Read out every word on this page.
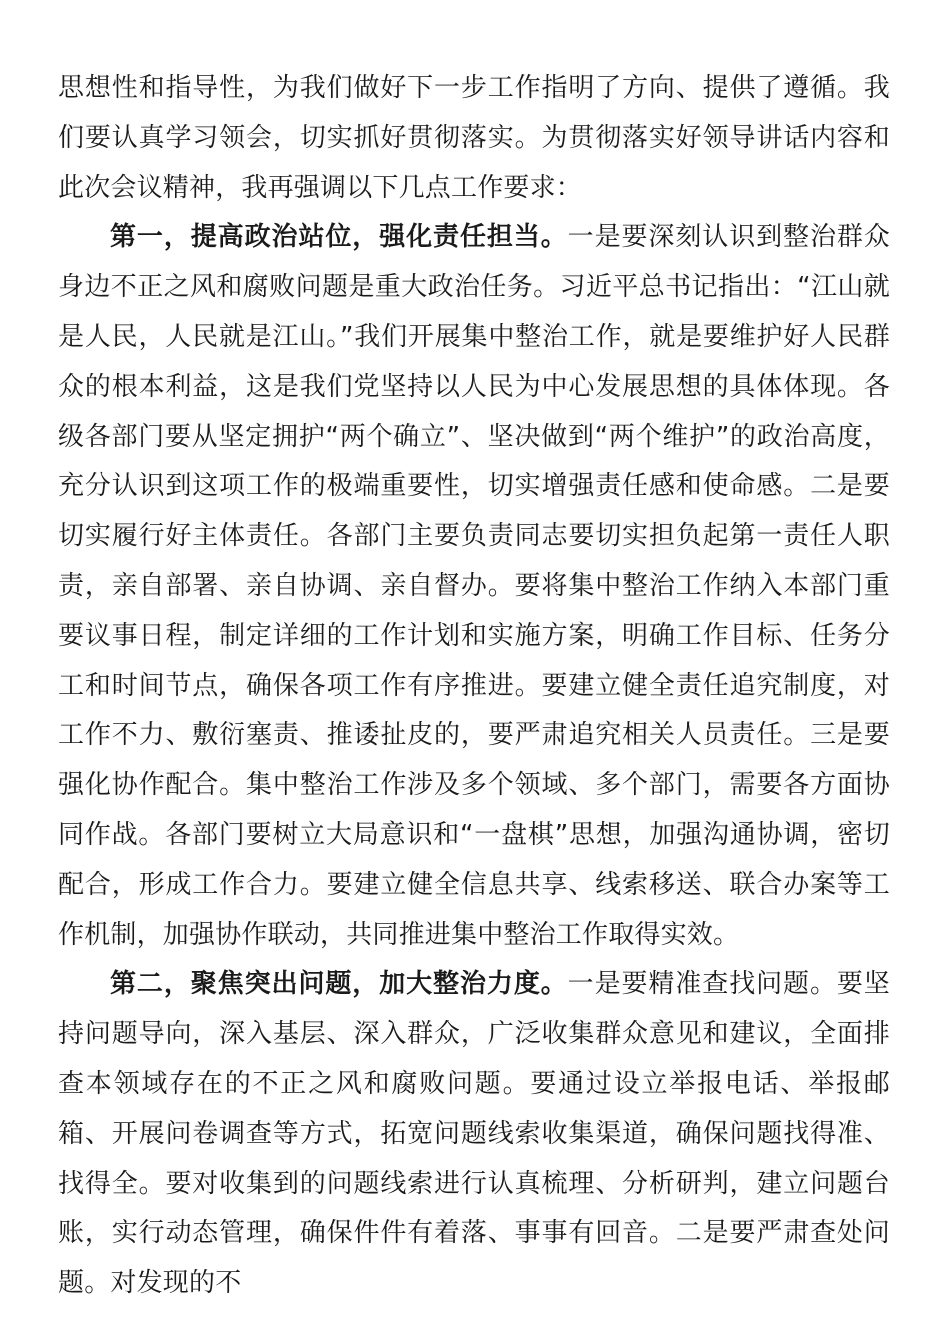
思想性和指导性，为我们做好下一步工作指明了方向、提供了遵循。我们要认真学习领会，切实抓好贯彻落实。为贯彻落实好领导讲话内容和此次会议精神，我再强调以下几点工作要求：

第一，提高政治站位，强化责任担当。一是要深刻认识到整治群众身边不正之风和腐败问题是重大政治任务。习近平总书记指出：“江山就是人民，人民就是江山。”我们开展集中整治工作，就是要维护好人民群众的根本利益，这是我们党坚持以人民为中心发展思想的具体体现。各级各部门要从坚定拥护“两个确立”、坚决做到“两个维护”的政治高度，充分认识到这项工作的极端重要性，切实增强责任感和使命感。二是要切实履行好主体责任。各部门主要负责同志要切实担负起第一责任人职责，亲自部署、亲自协调、亲自督办。要将集中整治工作纳入本部门重要议事日程，制定详细的工作计划和实施方案，明确工作目标、任务分工和时间节点，确保各项工作有序推进。要建立健全责任追究制度，对工作不力、敷衍塞责、推诿扯皮的，要严肃追究相关人员责任。三是要强化协作配合。集中整治工作涉及多个领域、多个部门，需要各方面协同作战。各部门要树立大局意识和“一盘棋”思想，加强沟通协调，密切配合，形成工作合力。要建立健全信息共享、线索移送、联合办案等工作机制，加强协作联动，共同推进集中整治工作取得实效。

第二，聚焦突出问题，加大整治力度。一是要精准查找问题。要坚持问题导向，深入基层、深入群众，广泛收集群众意见和建议，全面排查本领域存在的不正之风和腐败问题。要通过设立举报电话、举报邮箱、开展问卷调查等方式，拓宽问题线索收集渠道，确保问题找得准、找得全。要对收集到的问题线索进行认真梳理、分析研判，建立问题台账，实行动态管理，确保件件有着落、事事有回音。二是要严肃查处问题。对发现的不
